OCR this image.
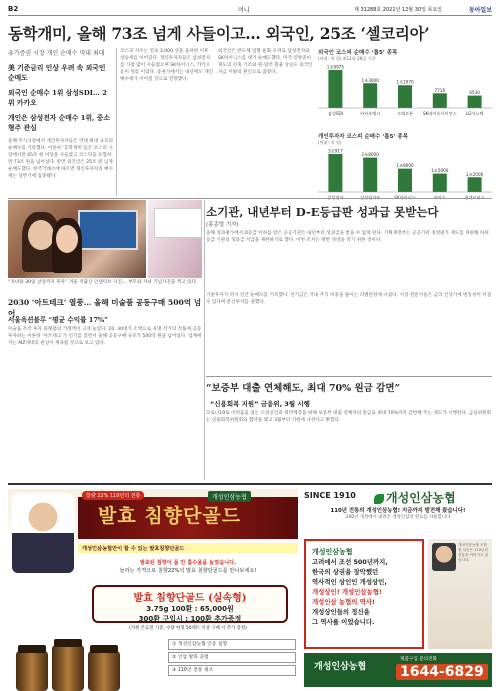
B2	머니	제 31288호 2021년 12월 30일 목요일	동아일보
동학개미, 올해 73조 넘게 사들이고… 외국인, 25조 ‘셀코리아’
유가증권 시장 개인 순매수 역대 최대
美 기준금리 인상 우려 속 외국인 순매도
외국인 순매수 1위 삼성SDI… 2위 카카오
개인은 삼성전자 순매수 1위, 중소형주 관심
올해 주식시장에서 개인투자자들은 역대 최대 규모의 순매수를 기록했다. 이른바 ‘동학개미’들은 코스피 시장에서만 65조 원 이상을 사들였고 코스닥을 포함하면 73조 원을 넘어섰다. 반면 외국인은 25조 원 넘게 순매도했다. 한국거래소에 따르면 개인투자자의 매수세는 상반기에 집중됐다.
코스피 지수는 연초 3,000 선을 돌파한 이후 상승세를 이어갔다. 개인투자자들은 삼성전자를 가장 많이 사들였으며 SK하이닉스, 카카오 등이 뒤를 이었다. 증권가에서는 내년에도 개인 매수세가 이어질 것으로 전망했다.
외국인은 반도체 업황 둔화 우려로 삼성전자와 SK하이닉스를 대거 순매도했다. 미국 연방준비제도의 긴축 기조와 원-달러 환율 상승도 외국인 자금 이탈의 원인으로 꼽혔다.
외국인 코스피 순매수 ‘톱5’ 종목
(단위: 억 원) ※12월 28일 기준
1조9975
삼성SDI
1조3000
카카오뱅크
1조1970
크래프톤
7716
SK바이오사이언스
6530
LG이노텍
개인투자자 코스피 순매수 ‘톱5’ 종목
(단위: 억 원)
3조917
2조8000
1조9000
1조5000
1조2000
소기관, 내년부터 D-E등급판 성과급 못받는다
(홍종렬 기자)
올해 성과평가에서 D등급 이하를 받은 공공기관은 내년부터 성과급을 받을 수 없게 된다. 기획재정부는 공공기관 경영평가 제도를 개편해 하위 등급 기관의 성과급 지급을 제한하기로 했다. 이번 조치는 방만 경영을 막기 위한 것이다.
“자녀와 30일 상장까지 투자” 겨울 저출산 인센티브 사진… 부모와 자녀 기념사진을 찍고 있다.
2030 ‘아트테크’ 열풍… 올해 미술품 공동구매 500억 넘어
서울옥션블루 “평균 수익률 17%”
미술품 조각 투자 플랫폼의 거래액이 크게 늘었다. 20, 30대가 소액으로 유명 작가의 작품에 공동 투자하는 이른바 ‘아트테크’가 인기를 끌면서 올해 공동구매 규모가 500억 원을 넘어섰다. 업계에서는 MZ세대의 관심이 계속될 것으로 보고 있다.
기관투자가 역시 연간 순매도를 기록했다. 연기금은 국내 주식 비중을 줄이는 리밸런싱에 나섰다. 시장 전문가들은 금리 인상기에 변동성이 커질 수 있다며 분산투자를 권했다.
“보증부 대출 연체해도, 최대 70% 원금 감면”
“신용회복 지원” 금융위, 3월 시행
코로나19로 어려움을 겪는 소상공인과 취약계층을 위해 보증부 대출 연체자의 원금을 최대 70%까지 감면해 주는 제도가 시행된다. 금융위원회는 신용회복위원회와 협약을 맺고 3월부터 지원에 나선다고 밝혔다.
함량 22% 110년의 전통	개성인삼농협
발효 침향단골드
개성인삼농협만이 할 수 있는 발효침향단골드
발효된 침향이 몸 안 흡수율을 높였습니다.
늘리는 가격으로 침향22%의 발효 침향단골드를 만나보세요!
발효 침향단골드 (실속형)
3.75g 100환 : 65,000원
300환 구입시 : 100환 추가증정
(지원 온료전 기준, 수량 한정 50세트 이상 구매 시 추가 증정)
① 개성인삼농협 인증 침향
② 인삼 발효 공법
③ 110년 전통 제조
SINCE 1910	개성인삼농협
110년 전통의 개성인삼농협! 지금까지 발전해 왔습니다!
200년 개성에서 내려온 개성인삼의 원료를 사용합니다
개성인삼농협
고려에서 조선 500년까지,
한국의 상권을 장악했던
역사적인 상인인 개성상인,
개성상인! 개성인삼농협!
개성인삼 농협의 역사!
개성상인들의 정신을
그 역사를 이었습니다.
개성인삼농협 조합원 일동은 110년의 전통을 이어가고 있습니다.
개성인삼농협
제품구입 문의전화
1644-6829
